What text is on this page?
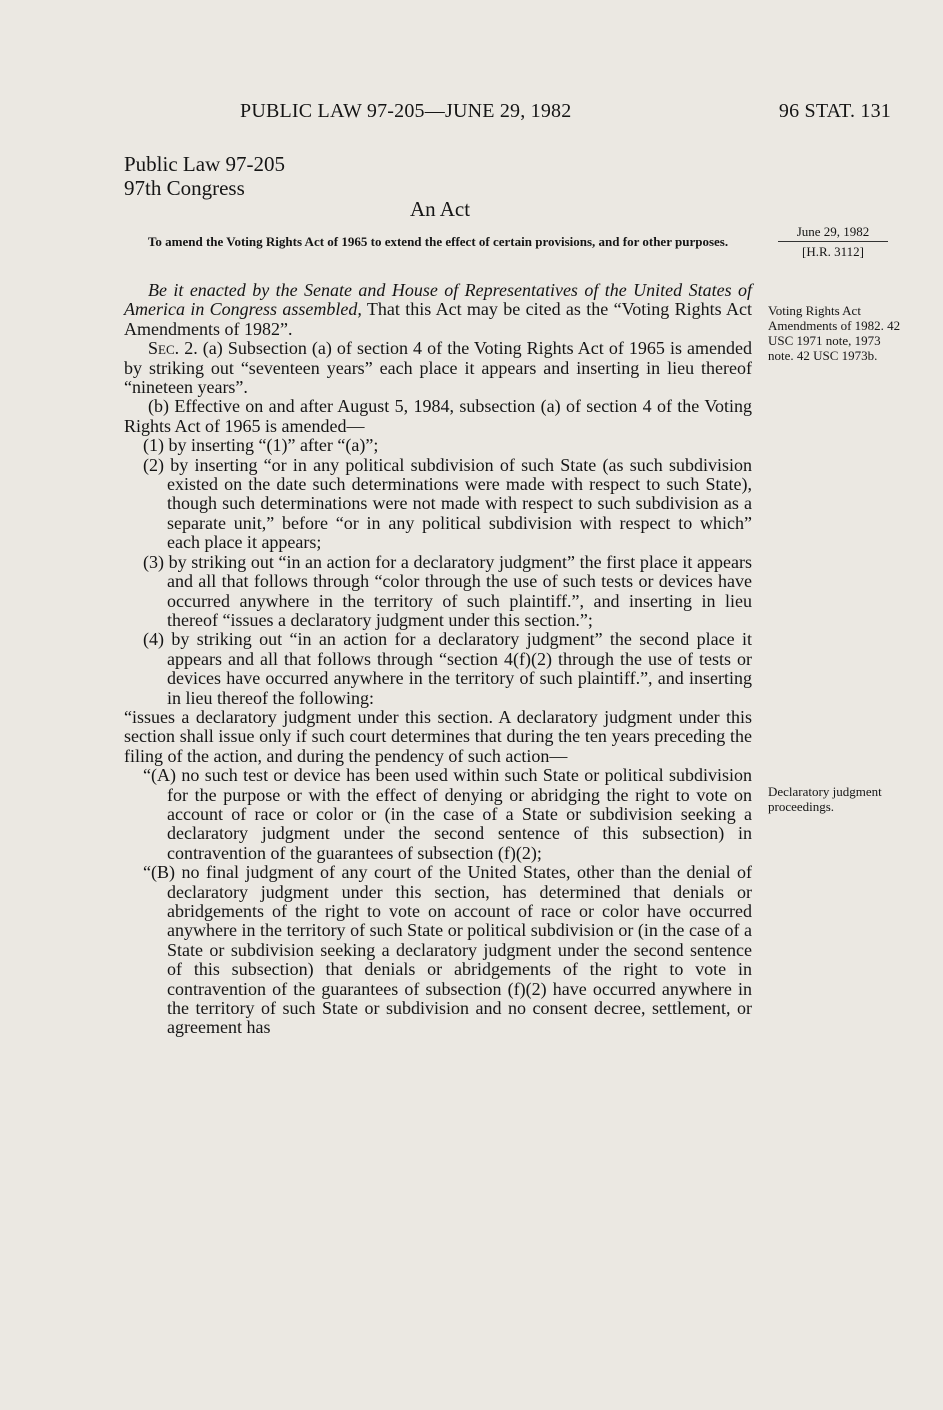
PUBLIC LAW 97-205—JUNE 29, 1982	96 STAT. 131
Public Law 97-205
97th Congress
An Act
To amend the Voting Rights Act of 1965 to extend the effect of certain provisions, and for other purposes.
June 29, 1982
[H.R. 3112]
Voting Rights Act Amendments of 1982. 42 USC 1971 note, 1973 note. 42 USC 1973b.
Declaratory judgment proceedings.

Be it enacted by the Senate and House of Representatives of the United States of America in Congress assembled, That this Act may be cited as the “Voting Rights Act Amendments of 1982”.

Sec. 2. (a) Subsection (a) of section 4 of the Voting Rights Act of 1965 is amended by striking out “seventeen years” each place it appears and inserting in lieu thereof “nineteen years”.

(b) Effective on and after August 5, 1984, subsection (a) of section 4 of the Voting Rights Act of 1965 is amended—

(1) by inserting “(1)” after “(a)”;

(2) by inserting “or in any political subdivision of such State (as such subdivision existed on the date such determinations were made with respect to such State), though such determinations were not made with respect to such subdivision as a separate unit,” before “or in any political subdivision with respect to which” each place it appears;

(3) by striking out “in an action for a declaratory judgment” the first place it appears and all that follows through “color through the use of such tests or devices have occurred anywhere in the territory of such plaintiff.”, and inserting in lieu thereof “issues a declaratory judgment under this section.”;

(4) by striking out “in an action for a declaratory judgment” the second place it appears and all that follows through “section 4(f)(2) through the use of tests or devices have occurred anywhere in the territory of such plaintiff.”, and inserting in lieu thereof the following:

“issues a declaratory judgment under this section. A declaratory judgment under this section shall issue only if such court determines that during the ten years preceding the filing of the action, and during the pendency of such action—

“(A) no such test or device has been used within such State or political subdivision for the purpose or with the effect of denying or abridging the right to vote on account of race or color or (in the case of a State or subdivision seeking a declaratory judgment under the second sentence of this subsection) in contravention of the guarantees of subsection (f)(2);

“(B) no final judgment of any court of the United States, other than the denial of declaratory judgment under this section, has determined that denials or abridgements of the right to vote on account of race or color have occurred anywhere in the territory of such State or political subdivision or (in the case of a State or subdivision seeking a declaratory judgment under the second sentence of this subsection) that denials or abridgements of the right to vote in contravention of the guarantees of subsection (f)(2) have occurred anywhere in the territory of such State or subdivision and no consent decree, settlement, or agreement has
